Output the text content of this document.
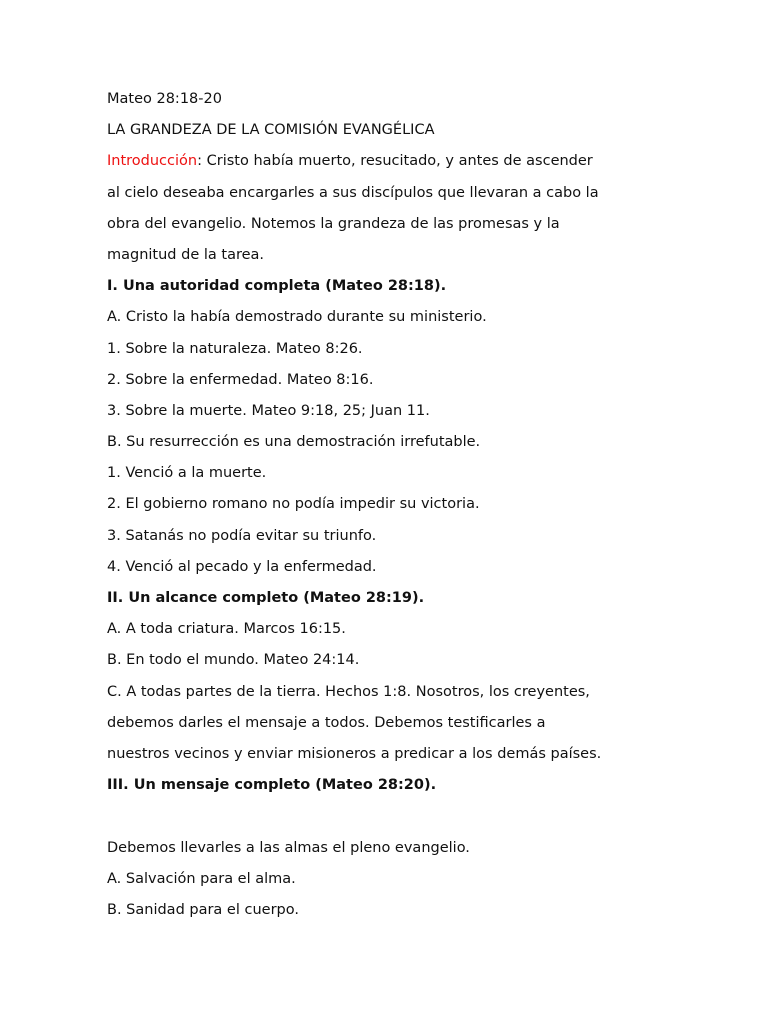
Mateo 28:18-20
LA GRANDEZA DE LA COMISIÓN EVANGÉLICA
Introducción: Cristo había muerto, resucitado, y antes de ascender
al cielo deseaba encargarles a sus discípulos que llevaran a cabo la
obra del evangelio. Notemos la grandeza de las promesas y la
magnitud de la tarea.
I. Una autoridad completa (Mateo 28:18).
A. Cristo la había demostrado durante su ministerio.
1. Sobre la naturaleza. Mateo 8:26.
2. Sobre la enfermedad. Mateo 8:16.
3. Sobre la muerte. Mateo 9:18, 25; Juan 11.
B. Su resurrección es una demostración irrefutable.
1. Venció a la muerte.
2. El gobierno romano no podía impedir su victoria.
3. Satanás no podía evitar su triunfo.
4. Venció al pecado y la enfermedad.
II. Un alcance completo (Mateo 28:19).
A. A toda criatura. Marcos 16:15.
B. En todo el mundo. Mateo 24:14.
C. A todas partes de la tierra. Hechos 1:8. Nosotros, los creyentes,
debemos darles el mensaje a todos. Debemos testificarles a
nuestros vecinos y enviar misioneros a predicar a los demás países.
III. Un mensaje completo (Mateo 28:20).
Debemos llevarles a las almas el pleno evangelio.
A. Salvación para el alma.
B. Sanidad para el cuerpo.
